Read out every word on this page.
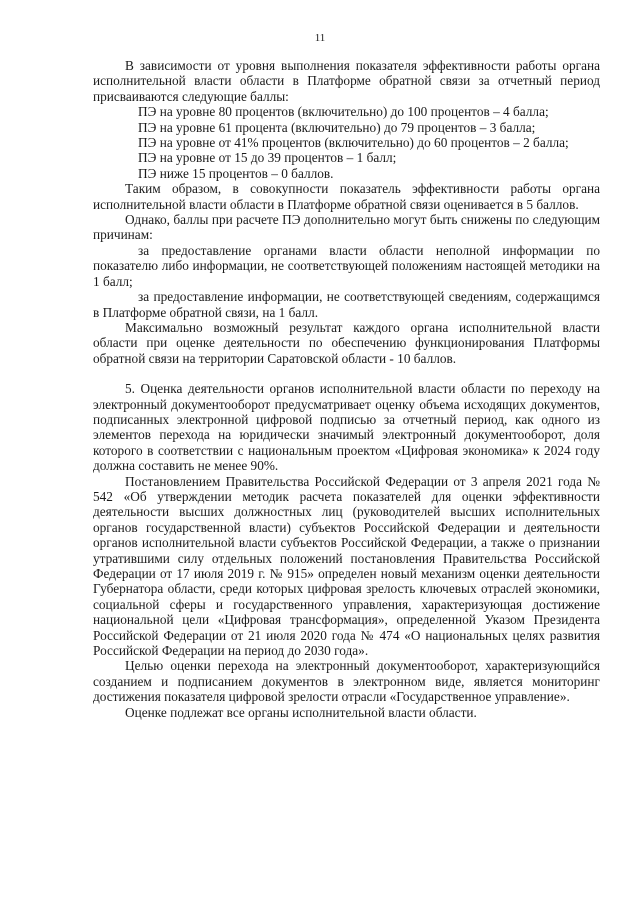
11

В зависимости от уровня выполнения показателя эффективности работы органа исполнительной власти области в Платформе обратной связи за отчетный период присваиваются следующие баллы:

ПЭ на уровне 80 процентов (включительно) до 100 процентов – 4 балла;

ПЭ на уровне 61 процента (включительно) до 79 процентов – 3 балла;

ПЭ на уровне от 41% процентов (включительно) до 60 процентов – 2 балла;

ПЭ на уровне от 15 до 39 процентов – 1 балл;

ПЭ ниже 15 процентов – 0 баллов.

Таким образом, в совокупности показатель эффективности работы органа исполнительной власти области в Платформе обратной связи оценивается в 5 баллов.

Однако, баллы при расчете ПЭ дополнительно могут быть снижены по следующим причинам:

за предоставление органами власти области неполной информации по показателю либо информации, не соответствующей положениям настоящей методики на 1 балл;

за предоставление информации, не соответствующей сведениям, содержащимся в Платформе обратной связи, на 1 балл.

Максимально возможный результат каждого органа исполнительной власти области при оценке деятельности по обеспечению функционирования Платформы обратной связи на территории Саратовской области - 10 баллов.

5. Оценка деятельности органов исполнительной власти области по переходу на электронный документооборот предусматривает оценку объема исходящих документов, подписанных электронной цифровой подписью за отчетный период, как одного из элементов перехода на юридически значимый электронный документооборот, доля которого в соответствии с национальным проектом «Цифровая экономика» к 2024 году должна составить не менее 90%.

Постановлением Правительства Российской Федерации от 3 апреля 2021 года № 542 «Об утверждении методик расчета показателей для оценки эффективности деятельности высших должностных лиц (руководителей высших исполнительных органов государственной власти) субъектов Российской Федерации и деятельности органов исполнительной власти субъектов Российской Федерации, а также о признании утратившими силу отдельных положений постановления Правительства Российской Федерации от 17 июля 2019 г. № 915» определен новый механизм оценки деятельности Губернатора области, среди которых цифровая зрелость ключевых отраслей экономики, социальной сферы и государственного управления, характеризующая достижение национальной цели «Цифровая трансформация», определенной Указом Президента Российской Федерации от 21 июля 2020 года № 474 «О национальных целях развития Российской Федерации на период до 2030 года».

Целью оценки перехода на электронный документооборот, характеризующийся созданием и подписанием документов в электронном виде, является мониторинг достижения показателя цифровой зрелости отрасли «Государственное управление».

Оценке подлежат все органы исполнительной власти области.
